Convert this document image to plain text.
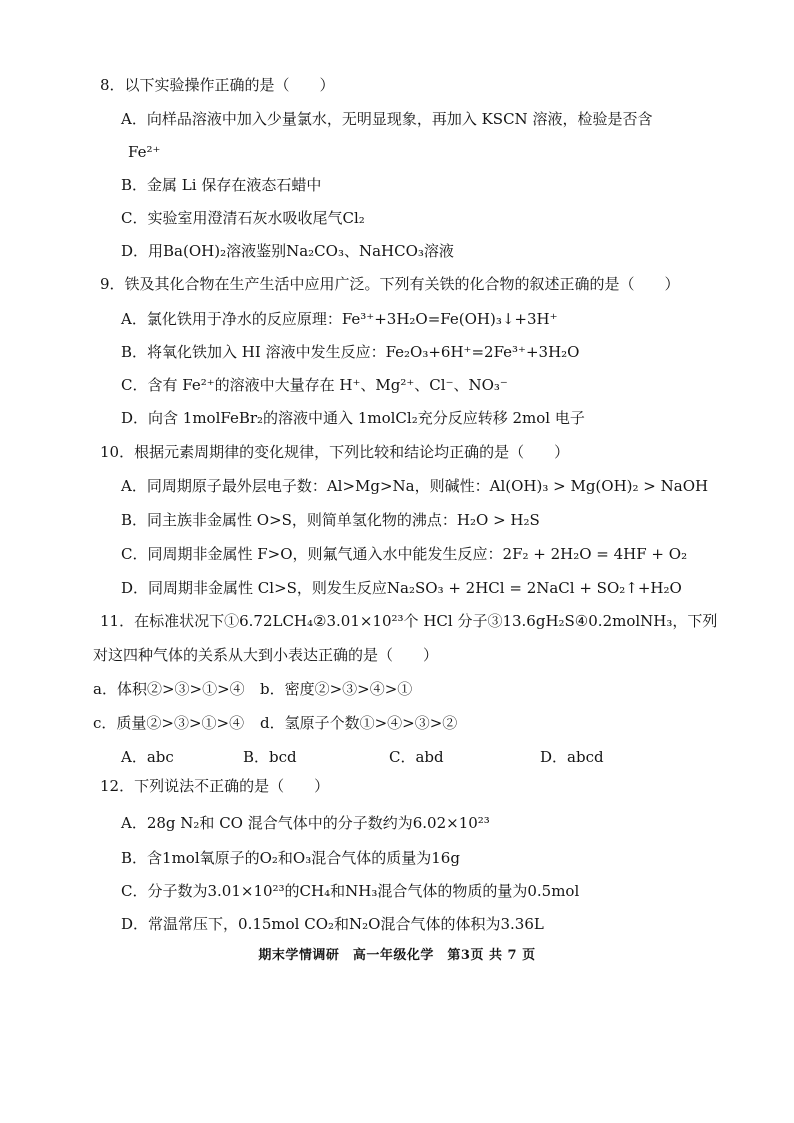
8．以下实验操作正确的是（　　）
A．向样品溶液中加入少量氯水，无明显现象，再加入 KSCN 溶液，检验是否含
Fe²⁺
B．金属 Li 保存在液态石蜡中
C．实验室用澄清石灰水吸收尾气Cl₂
D．用Ba(OH)₂溶液鉴别Na₂CO₃、NaHCO₃溶液
9．铁及其化合物在生产生活中应用广泛。下列有关铁的化合物的叙述正确的是（　　）
A．氯化铁用于净水的反应原理：Fe³⁺+3H₂O=Fe(OH)₃↓+3H⁺
B．将氧化铁加入 HI 溶液中发生反应：Fe₂O₃+6H⁺=2Fe³⁺+3H₂O
C．含有 Fe²⁺的溶液中大量存在 H⁺、Mg²⁺、Cl⁻、NO₃⁻
D．向含 1molFeBr₂的溶液中通入 1molCl₂充分反应转移 2mol 电子
10．根据元素周期律的变化规律，下列比较和结论均正确的是（　　）
A．同周期原子最外层电子数：Al>Mg>Na，则碱性：Al(OH)₃ > Mg(OH)₂ > NaOH
B．同主族非金属性 O>S，则简单氢化物的沸点：H₂O > H₂S
C．同周期非金属性 F>O，则氟气通入水中能发生反应：2F₂ + 2H₂O = 4HF + O₂
D．同周期非金属性 Cl>S，则发生反应Na₂SO₃ + 2HCl = 2NaCl + SO₂↑+H₂O
11．在标准状况下①6.72LCH₄②3.01×10²³个 HCl 分子③13.6gH₂S④0.2molNH₃，下列
对这四种气体的关系从大到小表达正确的是（　　）
a．体积②>③>①>④ b．密度②>③>④>①
c．质量②>③>①>④ d．氢原子个数①>④>③>②
A．abc	B．bcd	C．abd	D．abcd
12．下列说法不正确的是（　　）
A．28g N₂和 CO 混合气体中的分子数约为6.02×10²³
B．含1mol氧原子的O₂和O₃混合气体的质量为16g
C．分子数为3.01×10²³的CH₄和NH₃混合气体的物质的量为0.5mol
D．常温常压下，0.15mol CO₂和N₂O混合气体的体积为3.36L
期末学情调研　高一年级化学　第3页 共 7 页
